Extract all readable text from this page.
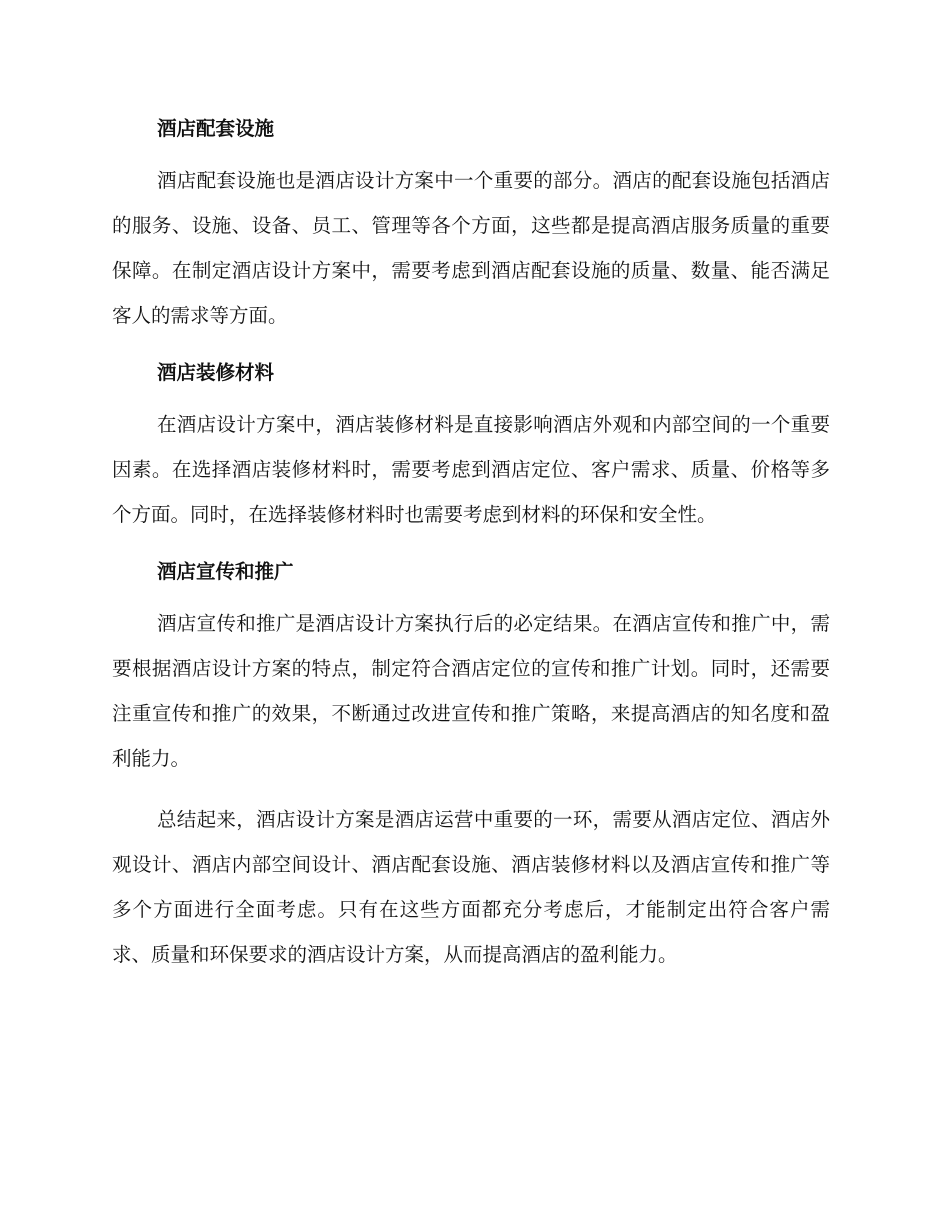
酒店配套设施

酒店配套设施也是酒店设计方案中一个重要的部分。酒店的配套设施包括酒店的服务、设施、设备、员工、管理等各个方面，这些都是提高酒店服务质量的重要保障。在制定酒店设计方案中，需要考虑到酒店配套设施的质量、数量、能否满足客人的需求等方面。

酒店装修材料

在酒店设计方案中，酒店装修材料是直接影响酒店外观和内部空间的一个重要因素。在选择酒店装修材料时，需要考虑到酒店定位、客户需求、质量、价格等多个方面。同时，在选择装修材料时也需要考虑到材料的环保和安全性。

酒店宣传和推广

酒店宣传和推广是酒店设计方案执行后的必定结果。在酒店宣传和推广中，需要根据酒店设计方案的特点，制定符合酒店定位的宣传和推广计划。同时，还需要注重宣传和推广的效果，不断通过改进宣传和推广策略，来提高酒店的知名度和盈利能力。

总结起来，酒店设计方案是酒店运营中重要的一环，需要从酒店定位、酒店外观设计、酒店内部空间设计、酒店配套设施、酒店装修材料以及酒店宣传和推广等多个方面进行全面考虑。只有在这些方面都充分考虑后，才能制定出符合客户需求、质量和环保要求的酒店设计方案，从而提高酒店的盈利能力。
